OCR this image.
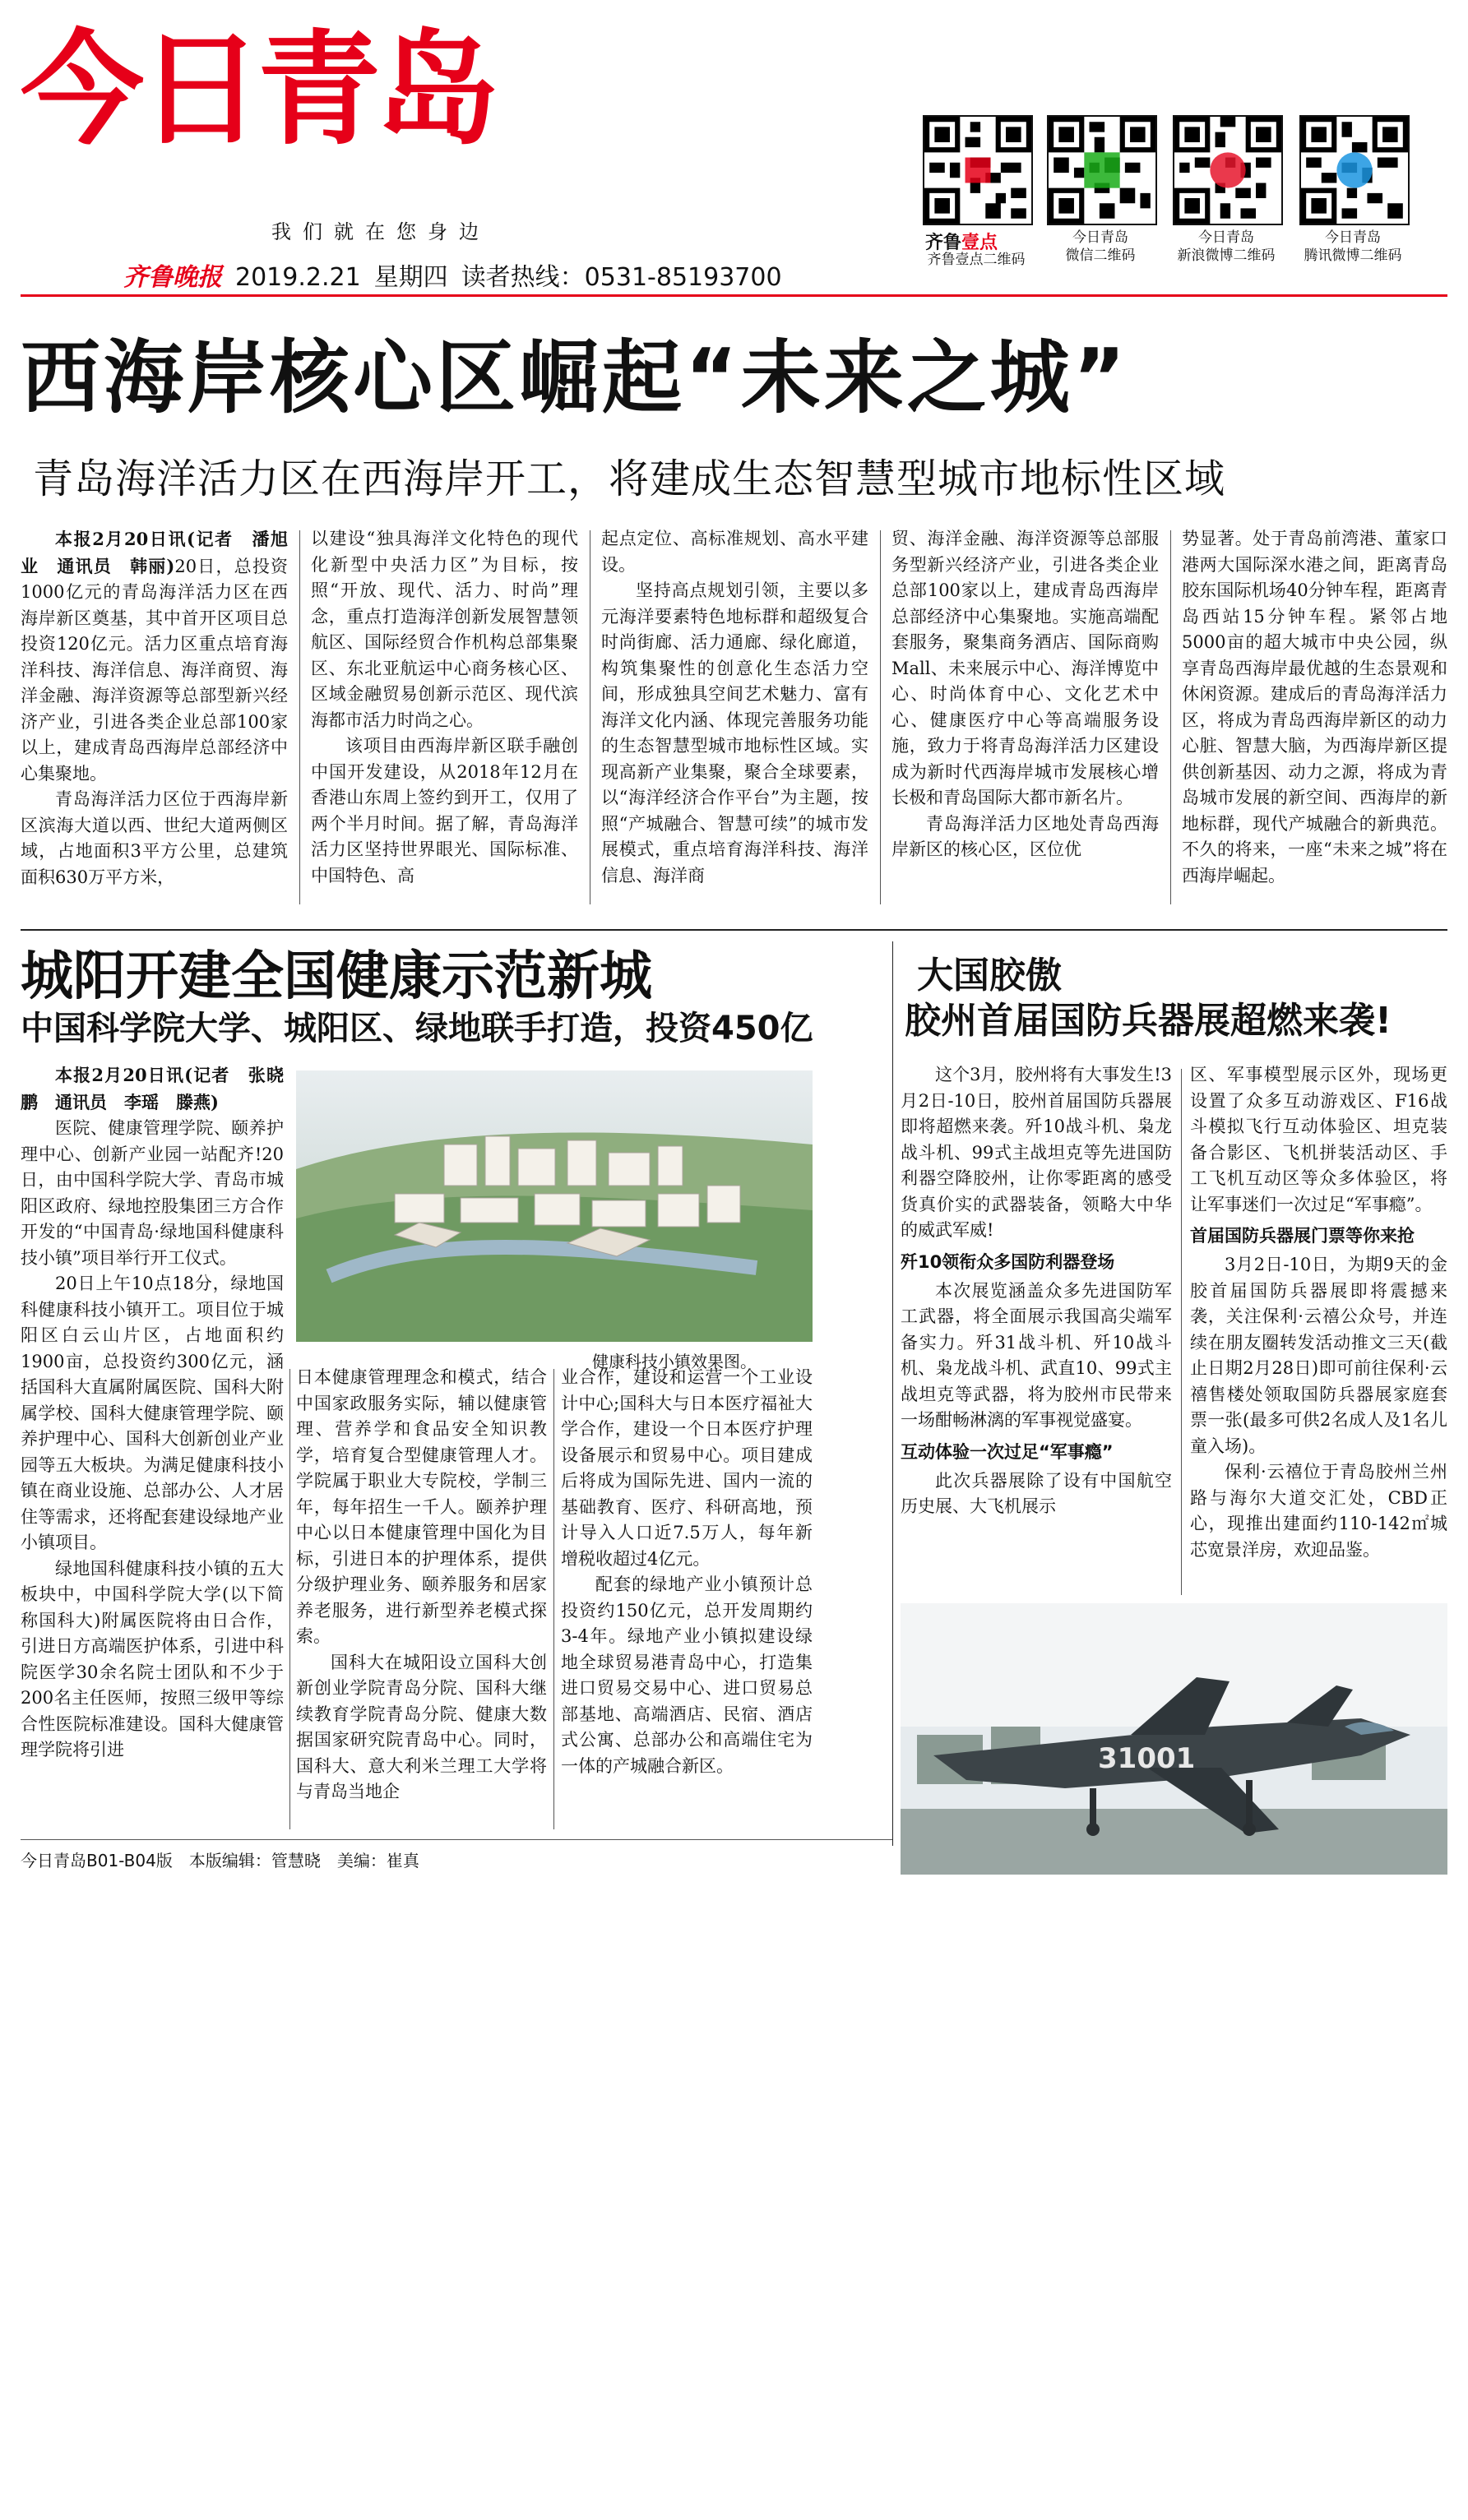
今日青岛
我们就在您身边
齐鲁晚报 2019.2.21 星期四 读者热线：0531-85193700
齐鲁壹点
齐鲁壹点二维码
今日青岛
微信二维码
今日青岛
新浪微博二维码
今日青岛
腾讯微博二维码
西海岸核心区崛起“未来之城”
青岛海洋活力区在西海岸开工，将建成生态智慧型城市地标性区域

本报2月20日讯(记者　潘旭业　通讯员　韩丽)20日，总投资1000亿元的青岛海洋活力区在西海岸新区奠基，其中首开区项目总投资120亿元。活力区重点培育海洋科技、海洋信息、海洋商贸、海洋金融、海洋资源等总部型新兴经济产业，引进各类企业总部100家以上，建成青岛西海岸总部经济中心集聚地。

青岛海洋活力区位于西海岸新区滨海大道以西、世纪大道两侧区域，占地面积3平方公里，总建筑面积630万平方米，

以建设“独具海洋文化特色的现代化新型中央活力区”为目标，按照“开放、现代、活力、时尚”理念，重点打造海洋创新发展智慧领航区、国际经贸合作机构总部集聚区、东北亚航运中心商务核心区、区域金融贸易创新示范区、现代滨海都市活力时尚之心。

该项目由西海岸新区联手融创中国开发建设，从2018年12月在香港山东周上签约到开工，仅用了两个半月时间。据了解，青岛海洋活力区坚持世界眼光、国际标准、中国特色、高

起点定位、高标准规划、高水平建设。

坚持高点规划引领，主要以多元海洋要素特色地标群和超级复合时尚街廊、活力通廊、绿化廊道，构筑集聚性的创意化生态活力空间，形成独具空间艺术魅力、富有海洋文化内涵、体现完善服务功能的生态智慧型城市地标性区域。实现高新产业集聚，聚合全球要素，以“海洋经济合作平台”为主题，按照“产城融合、智慧可续”的城市发展模式，重点培育海洋科技、海洋信息、海洋商

贸、海洋金融、海洋资源等总部服务型新兴经济产业，引进各类企业总部100家以上，建成青岛西海岸总部经济中心集聚地。实施高端配套服务，聚集商务酒店、国际商购Mall、未来展示中心、海洋博览中心、时尚体育中心、文化艺术中心、健康医疗中心等高端服务设施，致力于将青岛海洋活力区建设成为新时代西海岸城市发展核心增长极和青岛国际大都市新名片。

青岛海洋活力区地处青岛西海岸新区的核心区，区位优

势显著。处于青岛前湾港、董家口港两大国际深水港之间，距离青岛胶东国际机场40分钟车程，距离青岛西站15分钟车程。紧邻占地5000亩的超大城市中央公园，纵享青岛西海岸最优越的生态景观和休闲资源。建成后的青岛海洋活力区，将成为青岛西海岸新区的动力心脏、智慧大脑，为西海岸新区提供创新基因、动力之源，将成为青岛城市发展的新空间、西海岸的新地标群，现代产城融合的新典范。不久的将来，一座“未来之城”将在西海岸崛起。

城阳开建全国健康示范新城
中国科学院大学、城阳区、绿地联手打造，投资450亿

本报2月20日讯(记者　张晓鹏　通讯员　李瑶　滕燕)

医院、健康管理学院、颐养护理中心、创新产业园一站配齐!20日，由中国科学院大学、青岛市城阳区政府、绿地控股集团三方合作开发的“中国青岛·绿地国科健康科技小镇”项目举行开工仪式。

20日上午10点18分，绿地国科健康科技小镇开工。项目位于城阳区白云山片区，占地面积约1900亩，总投资约300亿元，涵括国科大直属附属医院、国科大附属学校、国科大健康管理学院、颐养护理中心、国科大创新创业产业园等五大板块。为满足健康科技小镇在商业设施、总部办公、人才居住等需求，还将配套建设绿地产业小镇项目。

绿地国科健康科技小镇的五大板块中，中国科学院大学(以下简称国科大)附属医院将由日合作，引进日方高端医护体系，引进中科院医学30余名院士团队和不少于200名主任医师，按照三级甲等综合性医院标准建设。国科大健康管理学院将引进

健康科技小镇效果图。

日本健康管理理念和模式，结合中国家政服务实际，辅以健康管理、营养学和食品安全知识教学，培育复合型健康管理人才。学院属于职业大专院校，学制三年，每年招生一千人。颐养护理中心以日本健康管理中国化为目标，引进日本的护理体系，提供分级护理业务、颐养服务和居家养老服务，进行新型养老模式探索。

国科大在城阳设立国科大创新创业学院青岛分院、国科大继续教育学院青岛分院、健康大数据国家研究院青岛中心。同时，国科大、意大利米兰理工大学将与青岛当地企

业合作，建设和运营一个工业设计中心;国科大与日本医疗福祉大学合作，建设一个日本医疗护理设备展示和贸易中心。项目建成后将成为国际先进、国内一流的基础教育、医疗、科研高地，预计导入人口近7.5万人，每年新增税收超过4亿元。

配套的绿地产业小镇预计总投资约150亿元，总开发周期约3-4年。绿地产业小镇拟建设绿地全球贸易港青岛中心，打造集进口贸易交易中心、进口贸易总部基地、高端酒店、民宿、酒店式公寓、总部办公和高端住宅为一体的产城融合新区。

大国胶傲
胶州首届国防兵器展超燃来袭!

这个3月，胶州将有大事发生!3月2日-10日，胶州首届国防兵器展即将超燃来袭。歼10战斗机、枭龙战斗机、99式主战坦克等先进国防利器空降胶州，让你零距离的感受货真价实的武器装备，领略大中华的威武军威!

歼10领衔众多国防利器登场

本次展览涵盖众多先进国防军工武器，将全面展示我国高尖端军备实力。歼31战斗机、歼10战斗机、枭龙战斗机、武直10、99式主战坦克等武器，将为胶州市民带来一场酣畅淋漓的军事视觉盛宴。

互动体验一次过足“军事瘾”

此次兵器展除了设有中国航空历史展、大飞机展示

区、军事模型展示区外，现场更设置了众多互动游戏区、F16战斗模拟飞行互动体验区、坦克装备合影区、飞机拼装活动区、手工飞机互动区等众多体验区，将让军事迷们一次过足“军事瘾”。

首届国防兵器展门票等你来抢

3月2日-10日，为期9天的金胶首届国防兵器展即将震撼来袭，关注保利·云禧公众号，并连续在朋友圈转发活动推文三天(截止日期2月28日)即可前往保利·云禧售楼处领取国防兵器展家庭套票一张(最多可供2名成人及1名儿童入场)。

保利·云禧位于青岛胶州兰州路与海尔大道交汇处，CBD正心，现推出建面约110-142㎡城芯宽景洋房，欢迎品鉴。

31001
今日青岛B01-B04版 本版编辑：管慧晓 美编：崔真
